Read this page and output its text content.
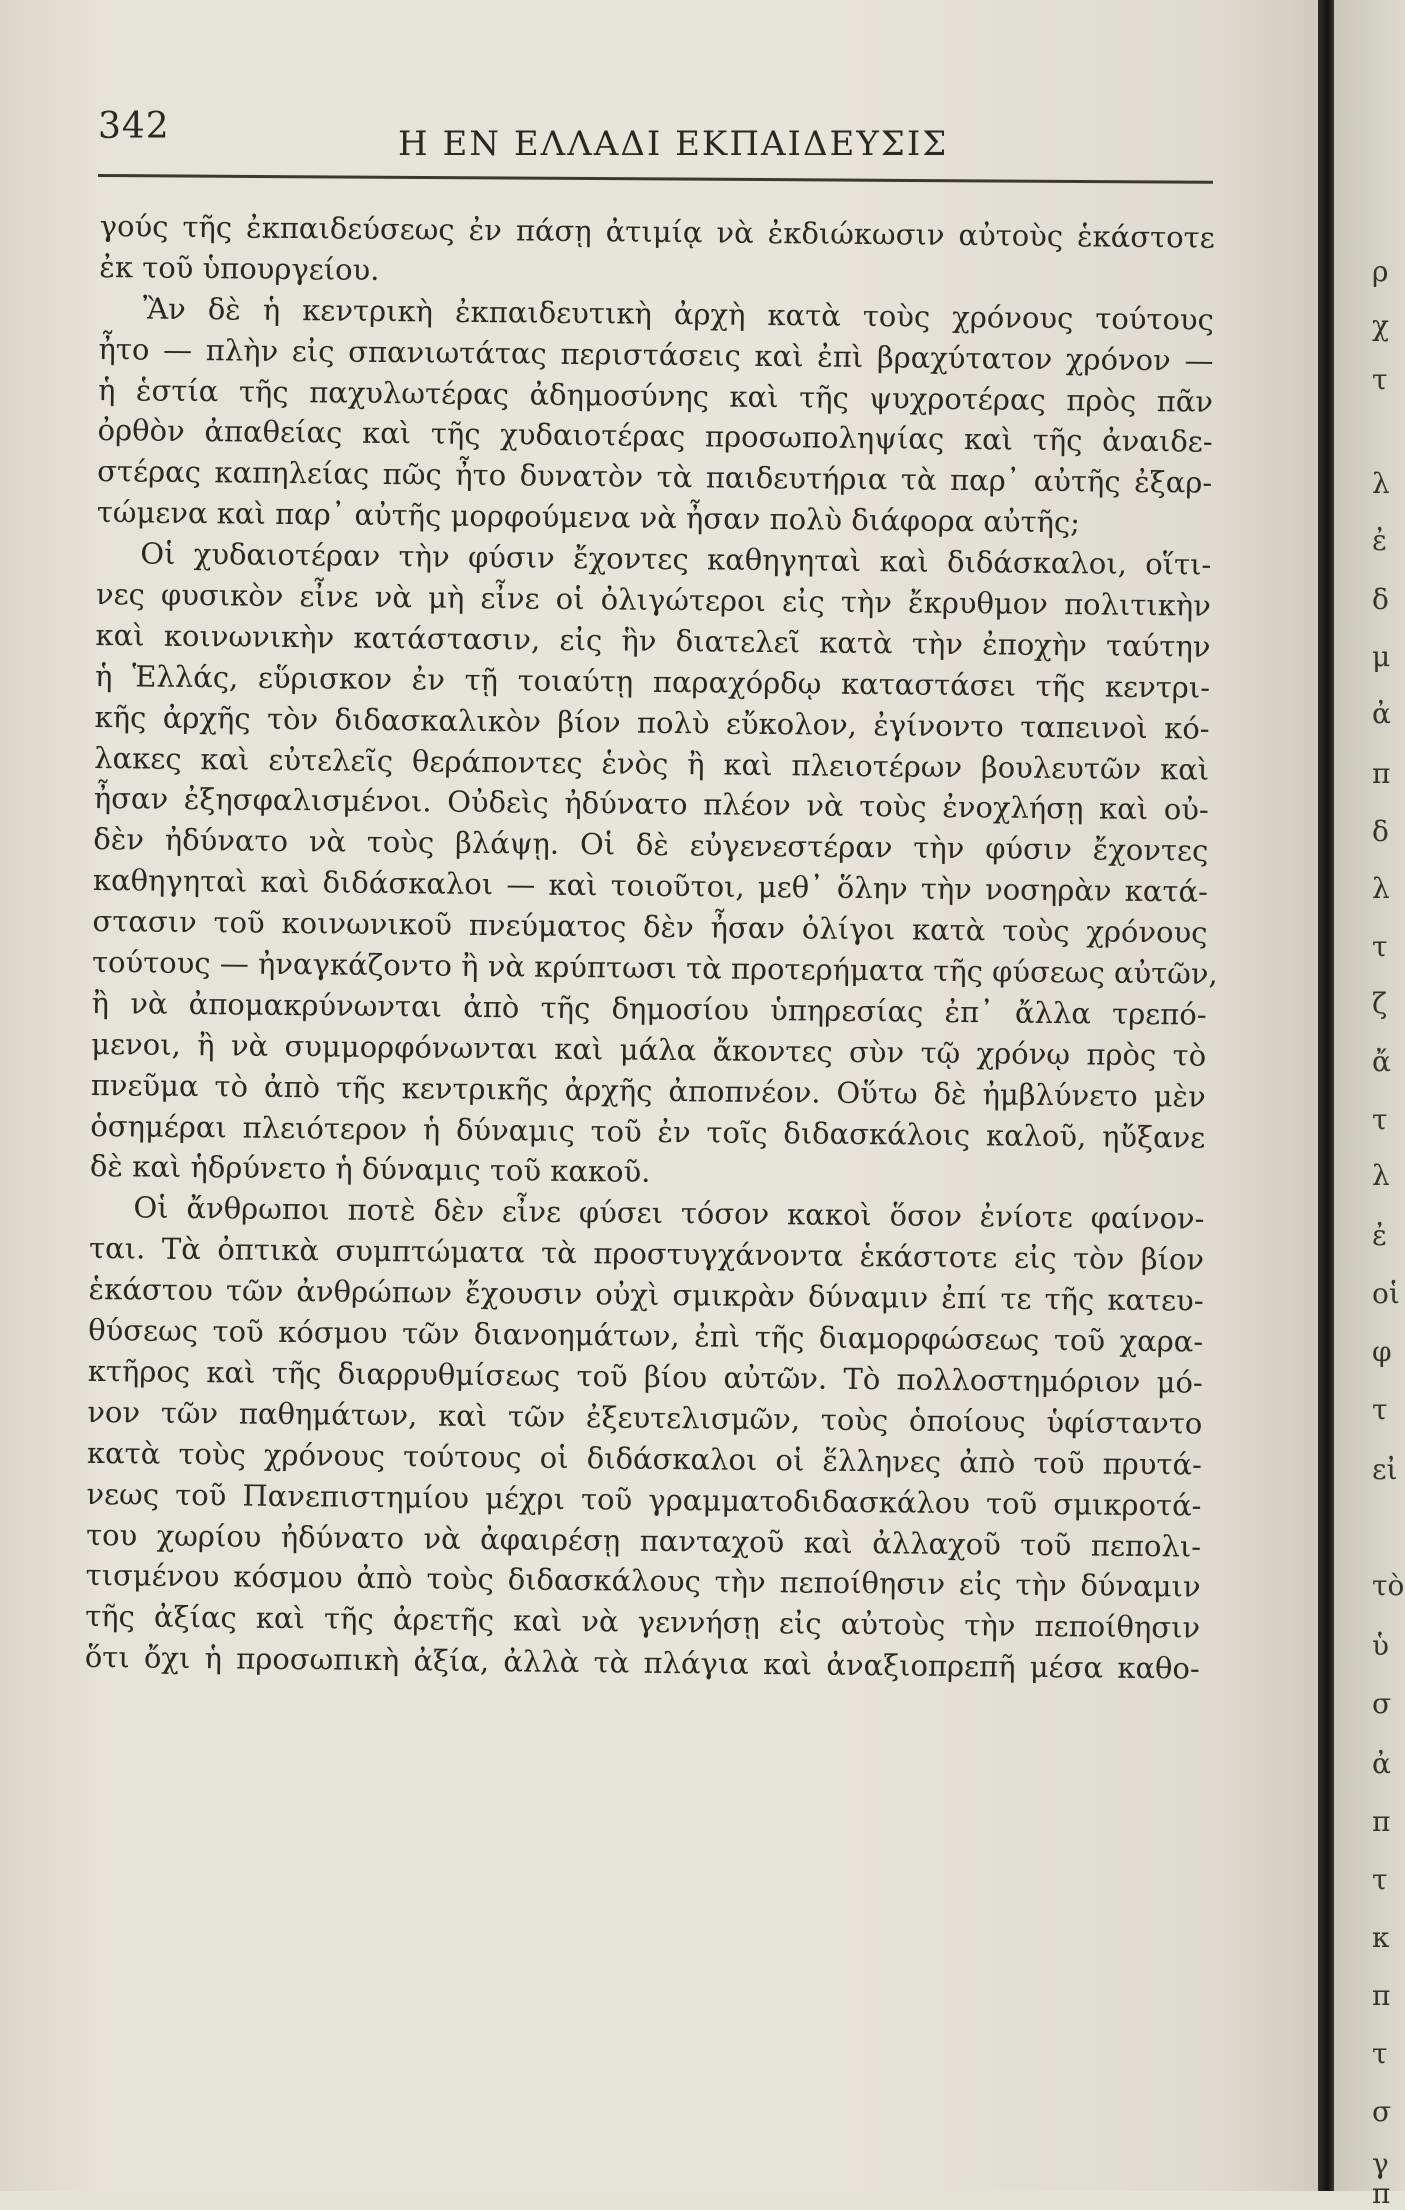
ρ
χ
τ
λ
ἐ
δ
μ
ἀ
π
δ
λ
τ
ζ
ἄ
τ
λ
ἐ
οἱ
φ
τ
εἰ
τὸ
ὑ
σ
ἀ
π
τ
κ
π
τ
σ
γ
π
342	Η ΕΝ ΕΛΛΑΔΙ ΕΚΠΑΙΔΕΥΣΙΣ
γούς τῆς ἐκπαιδεύσεως ἐν πάσῃ ἀτιμίᾳ νὰ ἐκδιώκωσιν αὐτοὺς ἑκάστοτε
ἐκ τοῦ ὑπουργείου.
Ἂν δὲ ἡ κεντρικὴ ἐκπαιδευτικὴ ἀρχὴ κατὰ τοὺς χρόνους τούτους
ἦτο — πλὴν εἰς σπανιωτάτας περιστάσεις καὶ ἐπὶ βραχύτατον χρόνον —
ἡ ἑστία τῆς παχυλωτέρας ἀδημοσύνης καὶ τῆς ψυχροτέρας πρὸς πᾶν
ὀρθὸν ἀπαθείας καὶ τῆς χυδαιοτέρας προσωποληψίας καὶ τῆς ἀναιδε-
στέρας καπηλείας πῶς ἦτο δυνατὸν τὰ παιδευτήρια τὰ παρ᾽ αὐτῆς ἐξαρ-
τώμενα καὶ παρ᾽ αὐτῆς μορφούμενα νὰ ἦσαν πολὺ διάφορα αὐτῆς;
Οἱ χυδαιοτέραν τὴν φύσιν ἔχοντες καθηγηταὶ καὶ διδάσκαλοι, οἵτι-
νες φυσικὸν εἶνε νὰ μὴ εἶνε οἱ ὀλιγώτεροι εἰς τὴν ἔκρυθμον πολιτικὴν
καὶ κοινωνικὴν κατάστασιν, εἰς ἣν διατελεῖ κατὰ τὴν ἐποχὴν ταύτην
ἡ Ἑλλάς, εὕρισκον ἐν τῇ τοιαύτῃ παραχόρδῳ καταστάσει τῆς κεντρι-
κῆς ἀρχῆς τὸν διδασκαλικὸν βίον πολὺ εὔκολον, ἐγίνοντο ταπεινοὶ κό-
λακες καὶ εὐτελεῖς θεράποντες ἑνὸς ἢ καὶ πλειοτέρων βουλευτῶν καὶ
ἦσαν ἐξησφαλισμένοι. Οὐδεὶς ἠδύνατο πλέον νὰ τοὺς ἐνοχλήσῃ καὶ οὐ-
δὲν ἠδύνατο νὰ τοὺς βλάψῃ. Οἱ δὲ εὐγενεστέραν τὴν φύσιν ἔχοντες
καθηγηταὶ καὶ διδάσκαλοι — καὶ τοιοῦτοι, μεθ᾽ ὅλην τὴν νοσηρὰν κατά-
στασιν τοῦ κοινωνικοῦ πνεύματος δὲν ἦσαν ὀλίγοι κατὰ τοὺς χρόνους
τούτους — ἠναγκάζοντο ἢ νὰ κρύπτωσι τὰ προτερήματα τῆς φύσεως αὐτῶν,
ἢ νὰ ἀπομακρύνωνται ἀπὸ τῆς δημοσίου ὑπηρεσίας ἐπ᾽ ἄλλα τρεπό-
μενοι, ἢ νὰ συμμορφόνωνται καὶ μάλα ἄκοντες σὺν τῷ χρόνῳ πρὸς τὸ
πνεῦμα τὸ ἀπὸ τῆς κεντρικῆς ἀρχῆς ἀποπνέον. Οὕτω δὲ ἠμβλύνετο μὲν
ὁσημέραι πλειότερον ἡ δύναμις τοῦ ἐν τοῖς διδασκάλοις καλοῦ, ηὔξανε
δὲ καὶ ἡδρύνετο ἡ δύναμις τοῦ κακοῦ.
Οἱ ἄνθρωποι ποτὲ δὲν εἶνε φύσει τόσον κακοὶ ὅσον ἐνίοτε φαίνον-
ται. Τὰ ὀπτικὰ συμπτώματα τὰ προστυγχάνοντα ἑκάστοτε εἰς τὸν βίον
ἑκάστου τῶν ἀνθρώπων ἔχουσιν οὐχὶ σμικρὰν δύναμιν ἐπί τε τῆς κατευ-
θύσεως τοῦ κόσμου τῶν διανοημάτων, ἐπὶ τῆς διαμορφώσεως τοῦ χαρα-
κτῆρος καὶ τῆς διαρρυθμίσεως τοῦ βίου αὐτῶν. Τὸ πολλοστημόριον μό-
νον τῶν παθημάτων, καὶ τῶν ἐξευτελισμῶν, τοὺς ὁποίους ὑφίσταντο
κατὰ τοὺς χρόνους τούτους οἱ διδάσκαλοι οἱ ἕλληνες ἀπὸ τοῦ πρυτά-
νεως τοῦ Πανεπιστημίου μέχρι τοῦ γραμματοδιδασκάλου τοῦ σμικροτά-
του χωρίου ἠδύνατο νὰ ἀφαιρέσῃ πανταχοῦ καὶ ἀλλαχοῦ τοῦ πεπολι-
τισμένου κόσμου ἀπὸ τοὺς διδασκάλους τὴν πεποίθησιν εἰς τὴν δύναμιν
τῆς ἀξίας καὶ τῆς ἀρετῆς καὶ νὰ γεννήσῃ εἰς αὐτοὺς τὴν πεποίθησιν
ὅτι ὄχι ἡ προσωπικὴ ἀξία, ἀλλὰ τὰ πλάγια καὶ ἀναξιοπρεπῆ μέσα καθο-
